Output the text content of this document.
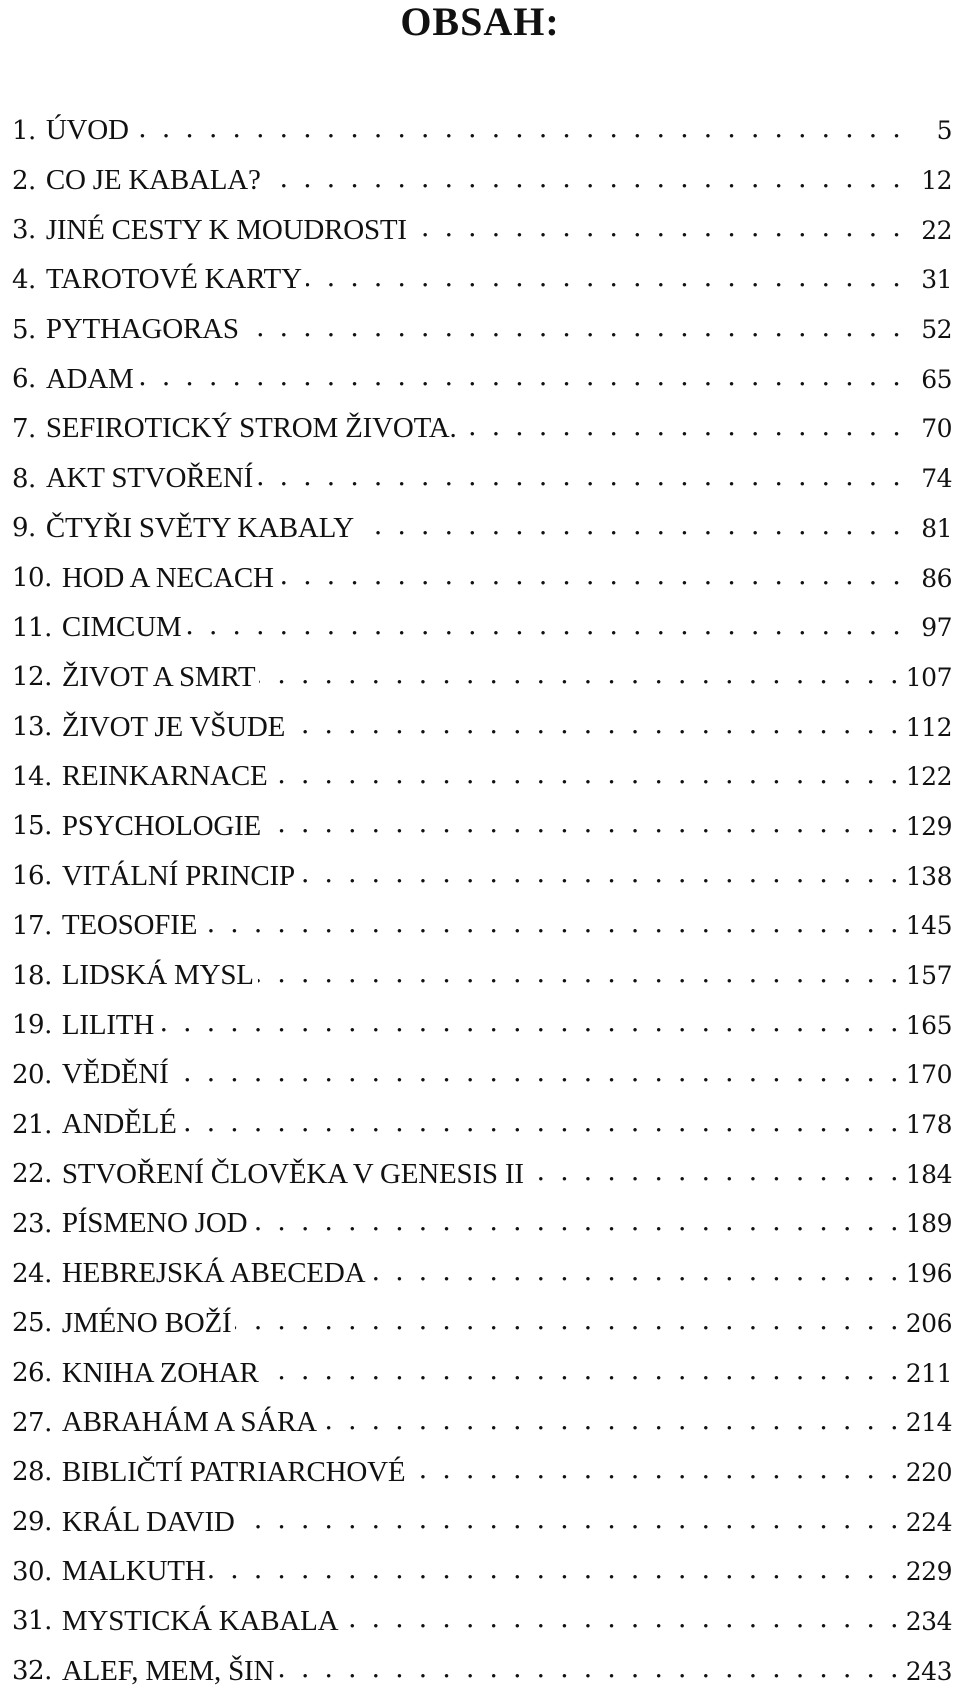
OBSAH:
1. ÚVOD . . .	5
2. CO JE KABALA? . . .	12
3. JINÉ CESTY K MOUDROSTI . . .	22
4. TAROTOVÉ KARTY . . .	31
5. PYTHAGORAS . . .	52
6. ADAM . . .	65
7. SEFIROTICKÝ STROM ŽIVOTA. . . .	70
8. AKT STVOŘENÍ . . .	74
9. ČTYŘI SVĚTY KABALY . . .	81
10. HOD A NECACH . . .	86
11. CIMCUM . . .	97
12. ŽIVOT A SMRT . . .	107
13. ŽIVOT JE VŠUDE . . .	112
14. REINKARNACE . . .	122
15. PSYCHOLOGIE . . .	129
16. VITÁLNÍ PRINCIP . . .	138
17. TEOSOFIE . . .	145
18. LIDSKÁ MYSL . . .	157
19. LILITH . . .	165
20. VĚDĚNÍ . . .	170
21. ANDĚLÉ . . .	178
22. STVOŘENÍ ČLOVĚKA V GENESIS II . . .	184
23. PÍSMENO JOD . . .	189
24. HEBREJSKÁ ABECEDA . . .	196
25. JMÉNO BOŽÍ . . .	206
26. KNIHA ZOHAR . . .	211
27. ABRAHÁM A SÁRA . . .	214
28. BIBLIČTÍ PATRIARCHOVÉ . . .	220
29. KRÁL DAVID . . .	224
30. MALKUTH . . .	229
31. MYSTICKÁ KABALA . . .	234
32. ALEF, MEM, ŠIN . . .	243
